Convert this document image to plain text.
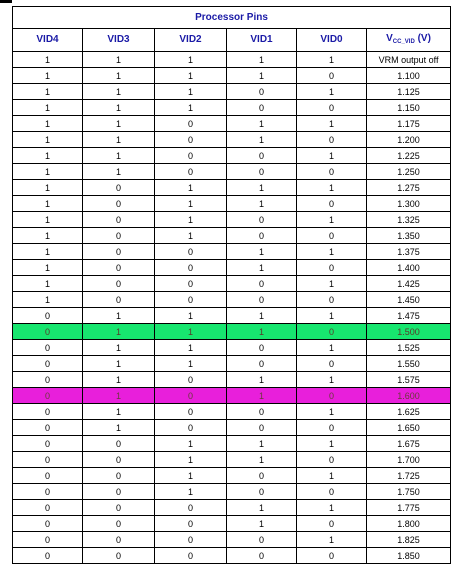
Processor Pins					
VID4	VID3	VID2	VID1	VID0	$V_{CC\_VID}$ (V)
1	1	1	1	1	VRM output off
1	1	1	1	0	1.100
1	1	1	0	1	1.125
1	1	1	0	0	1.150
1	1	0	1	1	1.175
1	1	0	1	0	1.200
1	1	0	0	1	1.225
1	1	0	0	0	1.250
1	0	1	1	1	1.275
1	0	1	1	0	1.300
1	0	1	0	1	1.325
1	0	1	0	0	1.350
1	0	0	1	1	1.375
1	0	0	1	0	1.400
1	0	0	0	1	1.425
1	0	0	0	0	1.450
0	1	1	1	1	1.475
0	1	1	1	0	1.500
0	1	1	0	1	1.525
0	1	1	0	0	1.550
0	1	0	1	1	1.575
0	1	0	1	0	1.600
0	1	0	0	1	1.625
0	1	0	0	0	1.650
0	0	1	1	1	1.675
0	0	1	1	0	1.700
0	0	1	0	1	1.725
0	0	1	0	0	1.750
0	0	0	1	1	1.775
0	0	0	1	0	1.800
0	0	0	0	1	1.825
0	0	0	0	0	1.850
